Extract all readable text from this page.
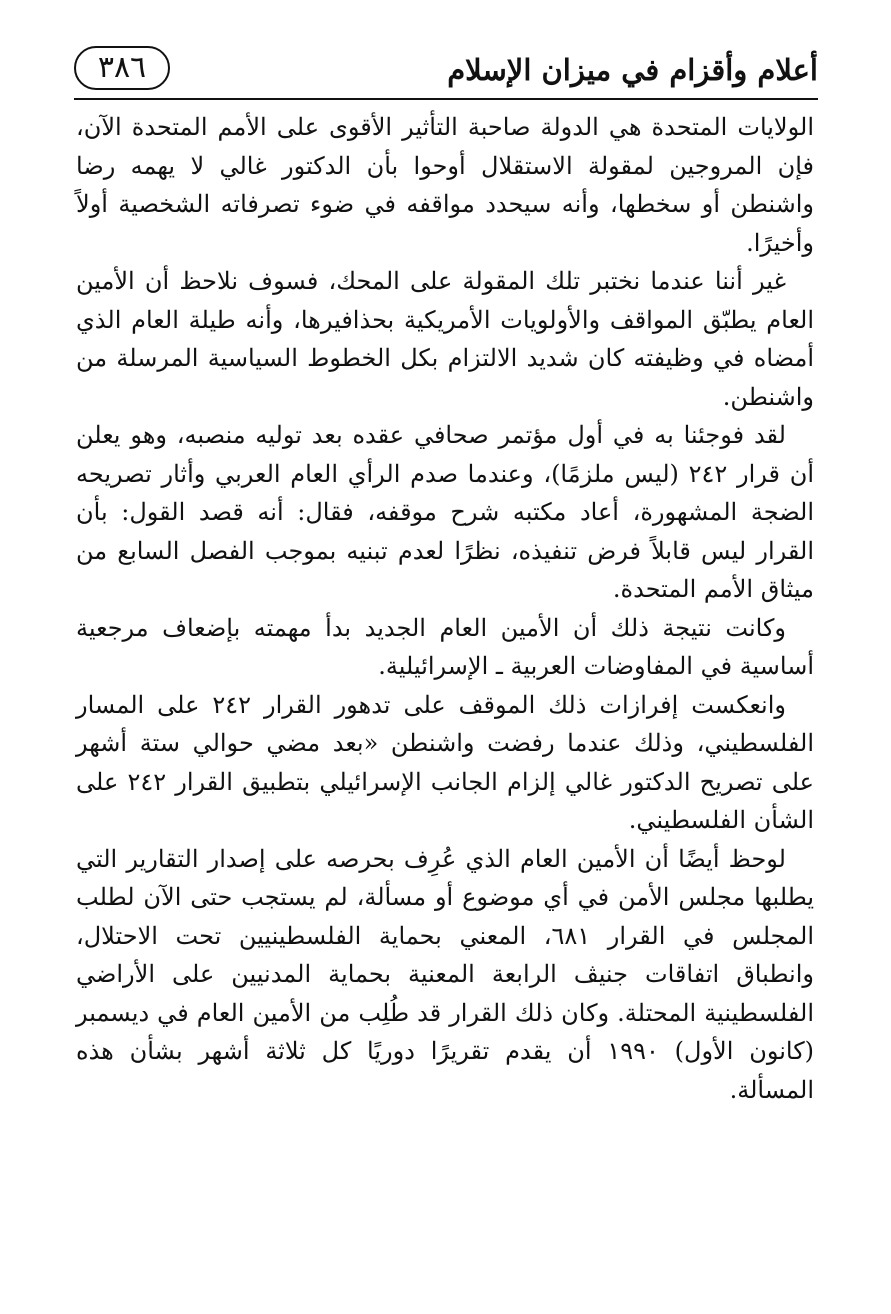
أعلام وأقزام في ميزان الإسلام
٣٨٦

الولايات المتحدة هي الدولة صاحبة التأثير الأقوى على الأمم المتحدة الآن، فإن المروجين لمقولة الاستقلال أوحوا بأن الدكتور غالي لا يهمه رضا واشنطن أو سخطها، وأنه سيحدد مواقفه في ضوء تصرفاته الشخصية أولاً وأخيرًا.

غير أننا عندما نختبر تلك المقولة على المحك، فسوف نلاحظ أن الأمين العام يطبّق المواقف والأولويات الأمريكية بحذافيرها، وأنه طيلة العام الذي أمضاه في وظيفته كان شديد الالتزام بكل الخطوط السياسية المرسلة من واشنطن.

لقد فوجئنا به في أول مؤتمر صحافي عقده بعد توليه منصبه، وهو يعلن أن قرار ٢٤٢ (ليس ملزمًا)، وعندما صدم الرأي العام العربي وأثار تصريحه الضجة المشهورة، أعاد مكتبه شرح موقفه، فقال: أنه قصد القول: بأن القرار ليس قابلاً فرض تنفيذه، نظرًا لعدم تبنيه بموجب الفصل السابع من ميثاق الأمم المتحدة.

وكانت نتيجة ذلك أن الأمين العام الجديد بدأ مهمته بإضعاف مرجعية أساسية في المفاوضات العربية ـ الإسرائيلية.

وانعكست إفرازات ذلك الموقف على تدهور القرار ٢٤٢ على المسار الفلسطيني، وذلك عندما رفضت واشنطن «بعد مضي حوالي ستة أشهر على تصريح الدكتور غالي إلزام الجانب الإسرائيلي بتطبيق القرار ٢٤٢ على الشأن الفلسطيني.

لوحظ أيضًا أن الأمين العام الذي عُرِف بحرصه على إصدار التقارير التي يطلبها مجلس الأمن في أي موضوع أو مسألة، لم يستجب حتى الآن لطلب المجلس في القرار ٦٨١، المعني بحماية الفلسطينيين تحت الاحتلال، وانطباق اتفاقات جنيڤ الرابعة المعنية بحماية المدنيين على الأراضي الفلسطينية المحتلة. وكان ذلك القرار قد طُلِب من الأمين العام في ديسمبر (كانون الأول) ١٩٩٠ أن يقدم تقريرًا دوريًا كل ثلاثة أشهر بشأن هذه المسألة.
